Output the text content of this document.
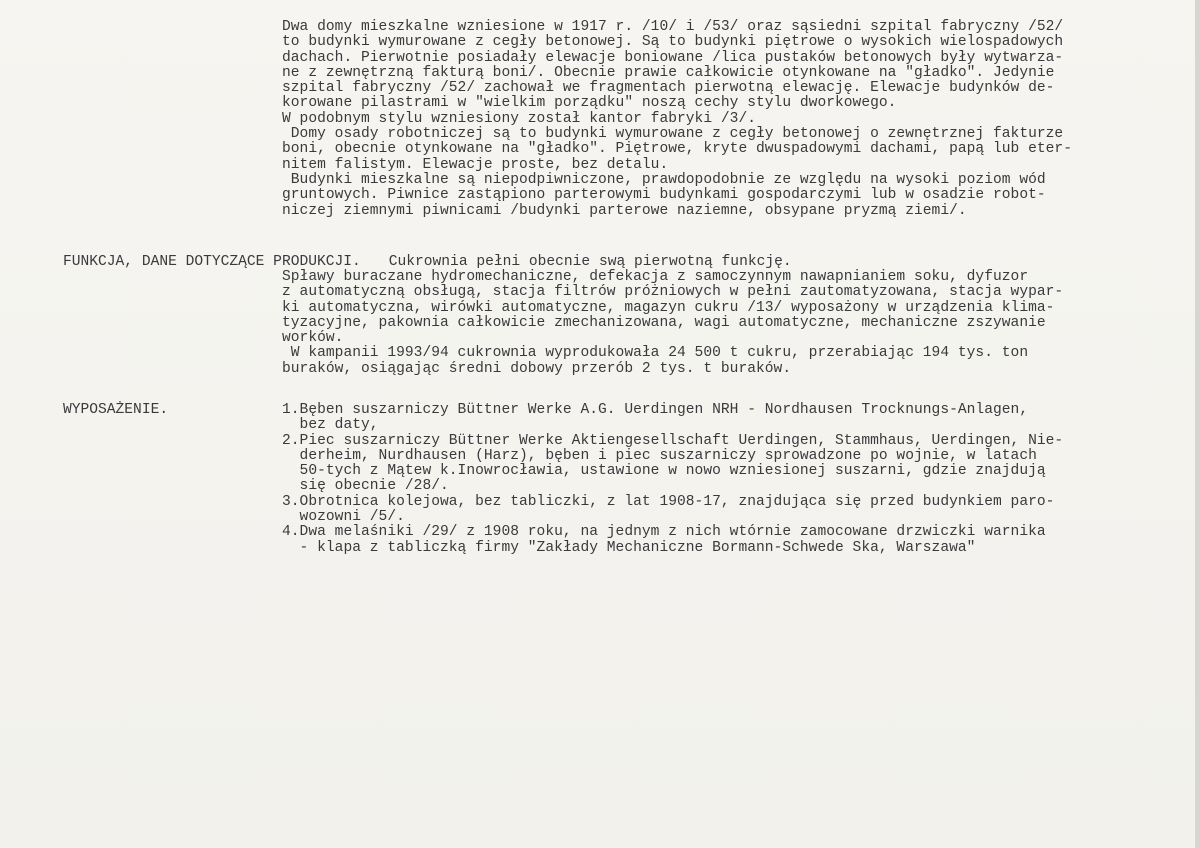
Dwa domy mieszkalne wzniesione w 1917 r. /10/ i /53/ oraz sąsiedni szpital fabryczny /52/
to budynki wymurowane z cegły betonowej. Są to budynki piętrowe o wysokich wielospadowych
dachach. Pierwotnie posiadały elewacje boniowane /lica pustaków betonowych były wytwarza-
ne z zewnętrzną fakturą boni/. Obecnie prawie całkowicie otynkowane na "gładko". Jedynie
szpital fabryczny /52/ zachował we fragmentach pierwotną elewację. Elewacje budynków de-
korowane pilastrami w "wielkim porządku" noszą cechy stylu dworkowego.
W podobnym stylu wzniesiony został kantor fabryki /3/.
Domy osady robotniczej są to budynki wymurowane z cegły betonowej o zewnętrznej fakturze
boni, obecnie otynkowane na "gładko". Piętrowe, kryte dwuspadowymi dachami, papą lub eter-
nitem falistym. Elewacje proste, bez detalu.
Budynki mieszkalne są niepodpiwniczone, prawdopodobnie ze względu na wysoki poziom wód
gruntowych. Piwnice zastąpiono parterowymi budynkami gospodarczymi lub w osadzie robot-
niczej ziemnymi piwnicami /budynki parterowe naziemne, obsypane pryzmą ziemi/.
FUNKCJA, DANE DOTYCZĄCE PRODUKCJI. Cukrownia pełni obecnie swą pierwotną funkcję.
Spławy buraczane hydromechaniczne, defekacja z samoczynnym nawapnianiem soku, dyfuzor
z automatyczną obsługą, stacja filtrów próżniowych w pełni zautomatyzowana, stacja wypar-
ki automatyczna, wirówki automatyczne, magazyn cukru /13/ wyposażony w urządzenia klima-
tyzacyjne, pakownia całkowicie zmechanizowana, wagi automatyczne, mechaniczne zszywanie
worków.
W kampanii 1993/94 cukrownia wyprodukowała 24 500 t cukru, przerabiając 194 tys. ton
buraków, osiągając średni dobowy przerób 2 tys. t buraków.
WYPOSAŻENIE.	1.Bęben suszarniczy Büttner Werke A.G. Uerdingen NRH - Nordhausen Trocknungs-Anlagen,
bez daty,
2.Piec suszarniczy Büttner Werke Aktiengesellschaft Uerdingen, Stammhaus, Uerdingen, Nie-
derheim, Nurdhausen (Harz), bęben i piec suszarniczy sprowadzone po wojnie, w latach
50-tych z Mątew k.Inowrocławia, ustawione w nowo wzniesionej suszarni, gdzie znajdują
się obecnie /28/.
3.Obrotnica kolejowa, bez tabliczki, z lat 1908-17, znajdująca się przed budynkiem paro-
wozowni /5/.
4.Dwa melaśniki /29/ z 1908 roku, na jednym z nich wtórnie zamocowane drzwiczki warnika
- klapa z tabliczką firmy "Zakłady Mechaniczne Bormann-Schwede Ska, Warszawa"
